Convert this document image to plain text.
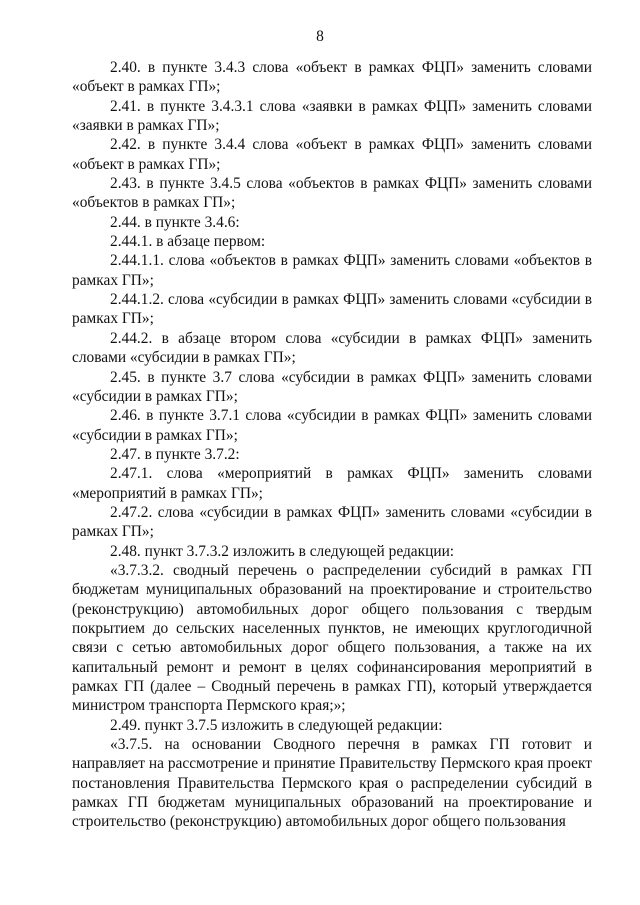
8

2.40. в пункте 3.4.3 слова «объект в рамках ФЦП» заменить словами «объект в рамках ГП»;

2.41. в пункте 3.4.3.1 слова «заявки в рамках ФЦП» заменить словами «заявки в рамках ГП»;

2.42. в пункте 3.4.4 слова «объект в рамках ФЦП» заменить словами «объект в рамках ГП»;

2.43. в пункте 3.4.5 слова «объектов в рамках ФЦП» заменить словами «объектов в рамках ГП»;

2.44. в пункте 3.4.6:

2.44.1. в абзаце первом:

2.44.1.1. слова «объектов в рамках ФЦП» заменить словами «объектов в рамках ГП»;

2.44.1.2. слова «субсидии в рамках ФЦП» заменить словами «субсидии в рамках ГП»;

2.44.2. в абзаце втором слова «субсидии в рамках ФЦП» заменить словами «субсидии в рамках ГП»;

2.45. в пункте 3.7 слова «субсидии в рамках ФЦП» заменить словами «субсидии в рамках ГП»;

2.46. в пункте 3.7.1 слова «субсидии в рамках ФЦП» заменить словами «субсидии в рамках ГП»;

2.47. в пункте 3.7.2:

2.47.1. слова «мероприятий в рамках ФЦП» заменить словами «мероприятий в рамках ГП»;

2.47.2. слова «субсидии в рамках ФЦП» заменить словами «субсидии в рамках ГП»;

2.48. пункт 3.7.3.2 изложить в следующей редакции:

«3.7.3.2. сводный перечень о распределении субсидий в рамках ГП бюджетам муниципальных образований на проектирование и строительство (реконструкцию) автомобильных дорог общего пользования с твердым покрытием до сельских населенных пунктов, не имеющих круглогодичной связи с сетью автомобильных дорог общего пользования, а также на их капитальный ремонт и ремонт в целях софинансирования мероприятий в рамках ГП (далее – Сводный перечень в рамках ГП), который утверждается министром транспорта Пермского края;»;

2.49. пункт 3.7.5 изложить в следующей редакции:

«3.7.5. на основании Сводного перечня в рамках ГП готовит и направляет на рассмотрение и принятие Правительству Пермского края проект постановления Правительства Пермского края о распределении субсидий в рамках ГП бюджетам муниципальных образований на проектирование и строительство (реконструкцию) автомобильных дорог общего пользования
